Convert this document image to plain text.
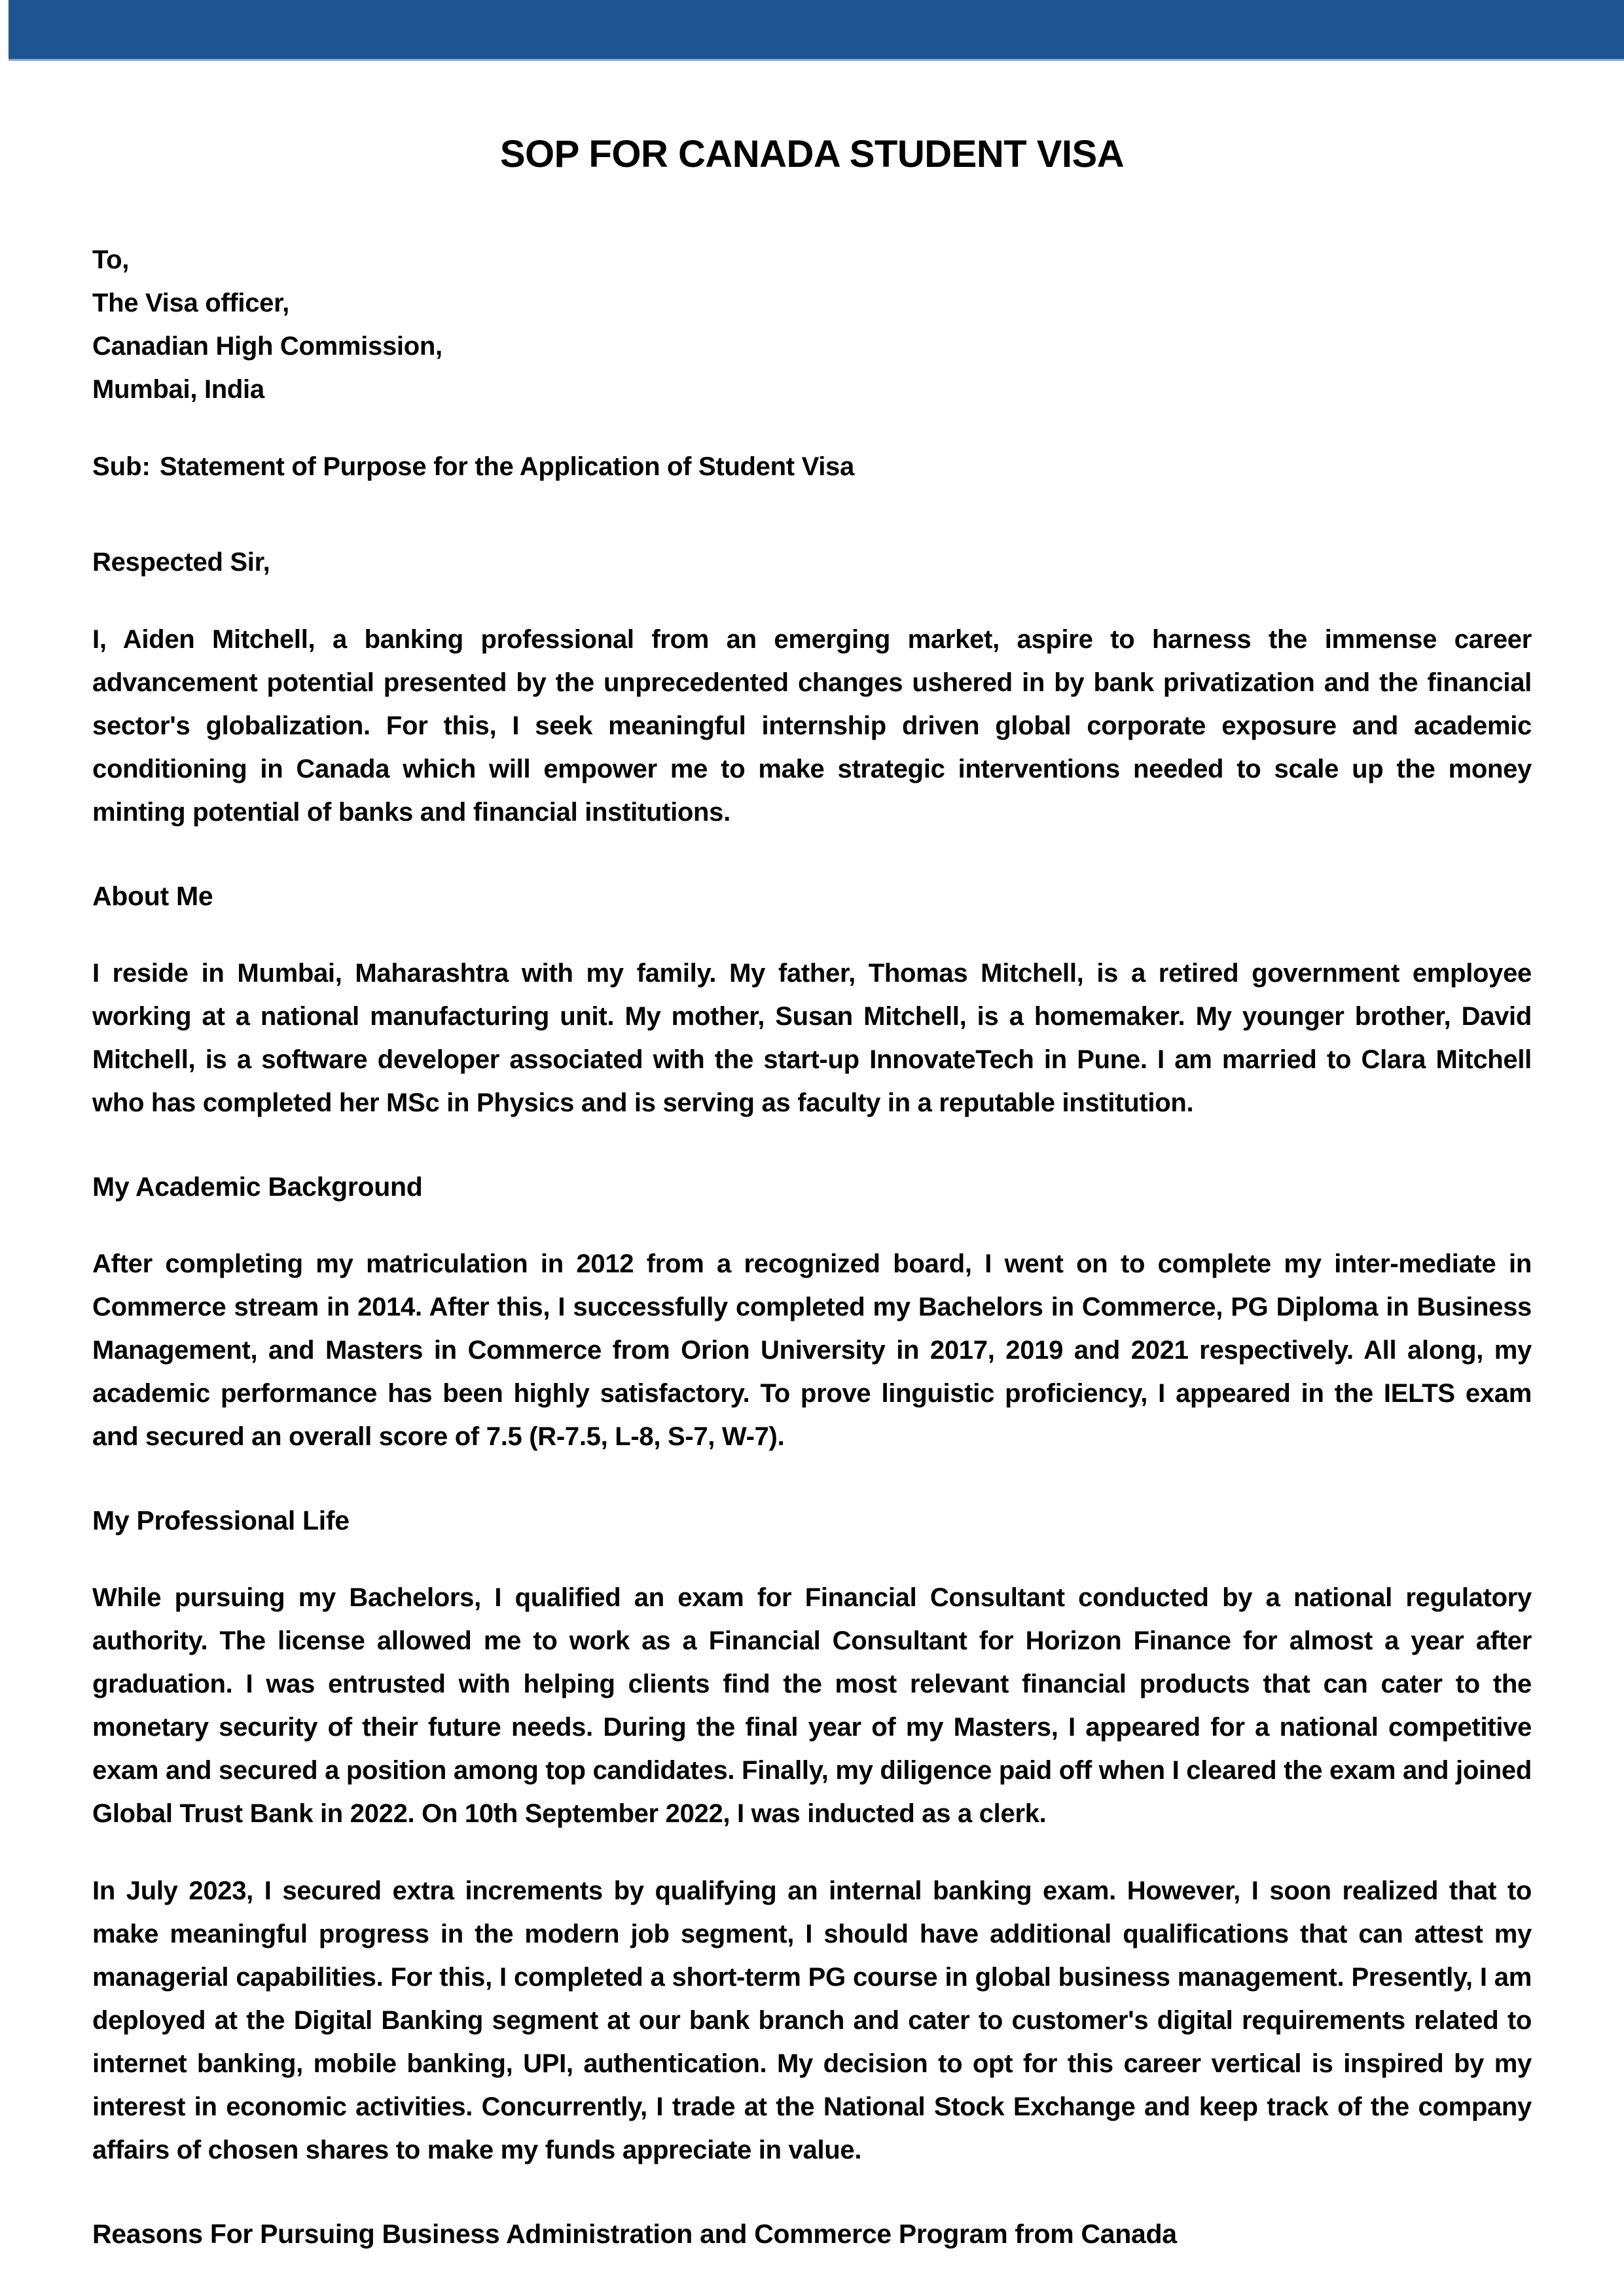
SOP FOR CANADA STUDENT VISA
To,
The Visa officer,
Canadian High Commission,
Mumbai, India

Sub: Statement of Purpose for the Application of Student Visa

Respected Sir,

I, Aiden Mitchell, a banking professional from an emerging market, aspire to harness the immense career advancement potential presented by the unprecedented changes ushered in by bank privatization and the financial sector's globalization. For this, I seek meaningful internship driven global corporate exposure and academic conditioning in Canada which will empower me to make strategic interventions needed to scale up the money minting potential of banks and financial institutions.

About Me

I reside in Mumbai, Maharashtra with my family. My father, Thomas Mitchell, is a retired government employee working at a national manufacturing unit. My mother, Susan Mitchell, is a homemaker. My younger brother, David Mitchell, is a software developer associated with the start-up InnovateTech in Pune. I am married to Clara Mitchell who has completed her MSc in Physics and is serving as faculty in a reputable institution.

My Academic Background

After completing my matriculation in 2012 from a recognized board, I went on to complete my inter-mediate in Commerce stream in 2014. After this, I successfully completed my Bachelors in Commerce, PG Diploma in Business Management, and Masters in Commerce from Orion University in 2017, 2019 and 2021 respectively. All along, my academic performance has been highly satisfactory. To prove linguistic proficiency, I appeared in the IELTS exam and secured an overall score of 7.5 (R-7.5, L-8, S-7, W-7).

My Professional Life

While pursuing my Bachelors, I qualified an exam for Financial Consultant conducted by a national regulatory authority. The license allowed me to work as a Financial Consultant for Horizon Finance for almost a year after graduation. I was entrusted with helping clients find the most relevant financial products that can cater to the monetary security of their future needs. During the final year of my Masters, I appeared for a national competitive exam and secured a position among top candidates. Finally, my diligence paid off when I cleared the exam and joined Global Trust Bank in 2022. On 10th September 2022, I was inducted as a clerk.

In July 2023, I secured extra increments by qualifying an internal banking exam. However, I soon realized that to make meaningful progress in the modern job segment, I should have additional qualifications that can attest my managerial capabilities. For this, I completed a short-term PG course in global business management. Presently, I am deployed at the Digital Banking segment at our bank branch and cater to customer's digital requirements related to internet banking, mobile banking, UPI, authentication. My decision to opt for this career vertical is inspired by my interest in economic activities. Concurrently, I trade at the National Stock Exchange and keep track of the company affairs of chosen shares to make my funds appreciate in value.

Reasons For Pursuing Business Administration and Commerce Program from Canada
